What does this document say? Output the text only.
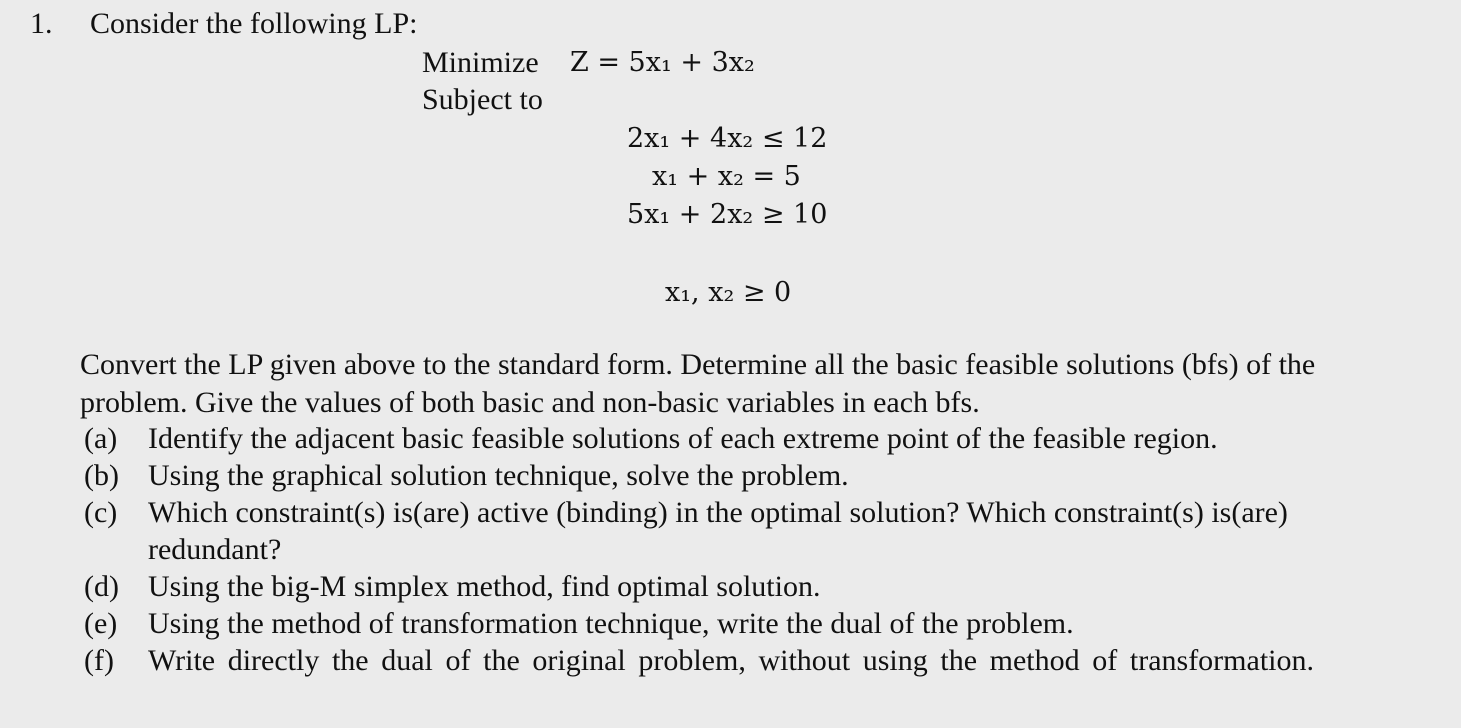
1. Consider the following LP:
Minimize Z = 5x₁ + 3x₂
Subject to
2x₁ + 4x₂ ≤ 12
x₁ + x₂ = 5
5x₁ + 2x₂ ≥ 10
x₁, x₂ ≥ 0
Convert the LP given above to the standard form. Determine all the basic feasible solutions (bfs) of the problem. Give the values of both basic and non-basic variables in each bfs.
(a)	Identify the adjacent basic feasible solutions of each extreme point of the feasible region.
(b) Using the graphical solution technique, solve the problem.
(c)	Which constraint(s) is(are) active (binding) in the optimal solution? Which constraint(s) is(are) redundant?
(d) Using the big-M simplex method, find optimal solution.
(e)	Using the method of transformation technique, write the dual of the problem.
(f)	Write directly the dual of the original problem, without using the method of transformation.
